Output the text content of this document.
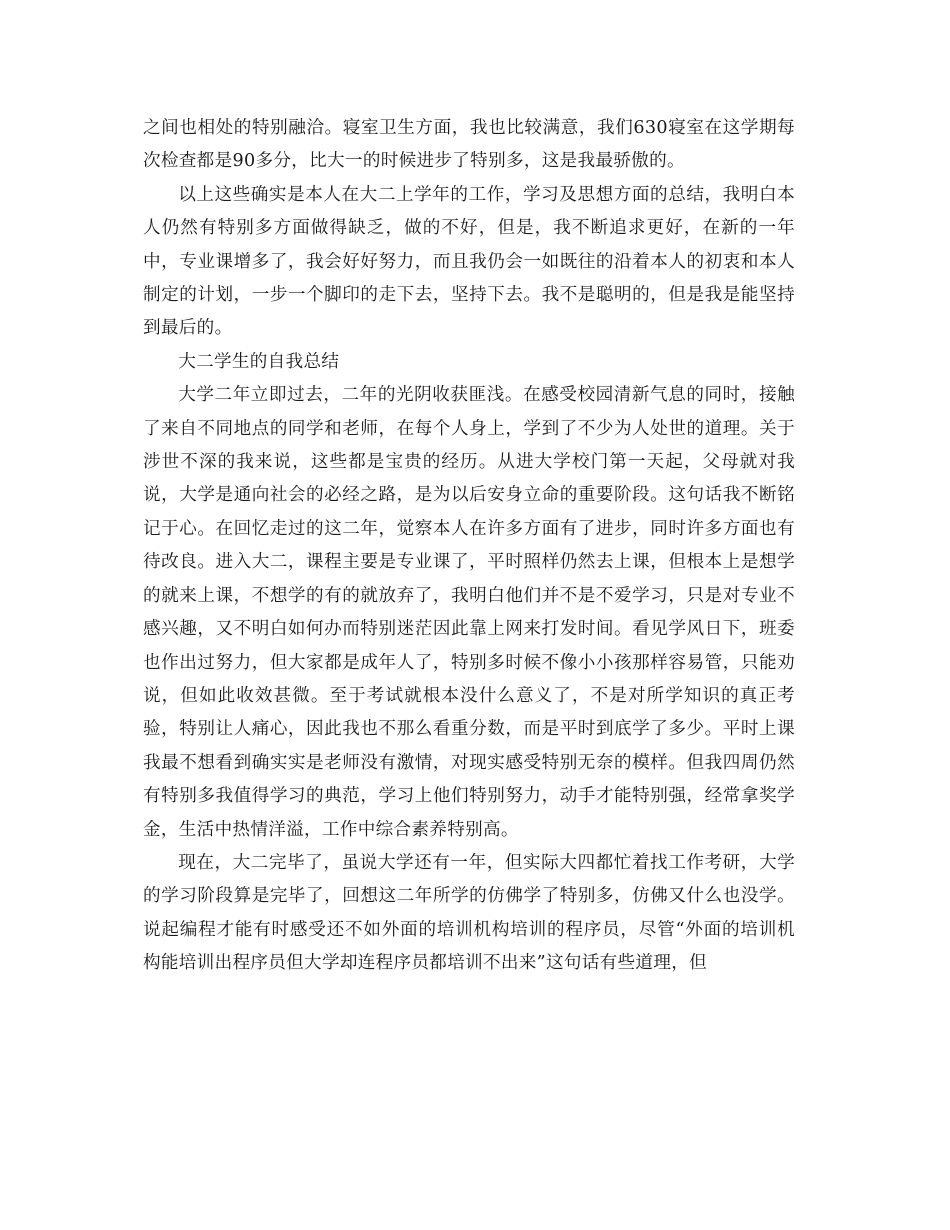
之间也相处的特别融洽。寝室卫生方面，我也比较满意，我们630寝室在这学期每次检查都是90多分，比大一的时候进步了特别多，这是我最骄傲的。

以上这些确实是本人在大二上学年的工作，学习及思想方面的总结，我明白本人仍然有特别多方面做得缺乏，做的不好，但是，我不断追求更好，在新的一年中，专业课增多了，我会好好努力，而且我仍会一如既往的沿着本人的初衷和本人制定的计划，一步一个脚印的走下去，坚持下去。我不是聪明的，但是我是能坚持到最后的。

大二学生的自我总结

大学二年立即过去，二年的光阴收获匪浅。在感受校园清新气息的同时，接触了来自不同地点的同学和老师，在每个人身上，学到了不少为人处世的道理。关于涉世不深的我来说，这些都是宝贵的经历。从进大学校门第一天起，父母就对我说，大学是通向社会的必经之路，是为以后安身立命的重要阶段。这句话我不断铭记于心。在回忆走过的这二年，觉察本人在许多方面有了进步，同时许多方面也有待改良。进入大二，课程主要是专业课了，平时照样仍然去上课，但根本上是想学的就来上课，不想学的有的就放弃了，我明白他们并不是不爱学习，只是对专业不感兴趣，又不明白如何办而特别迷茫因此靠上网来打发时间。看见学风日下，班委也作出过努力，但大家都是成年人了，特别多时候不像小小孩那样容易管，只能劝说，但如此收效甚微。至于考试就根本没什么意义了，不是对所学知识的真正考验，特别让人痛心，因此我也不那么看重分数，而是平时到底学了多少。平时上课我最不想看到确实实是老师没有激情，对现实感受特别无奈的模样。但我四周仍然有特别多我值得学习的典范，学习上他们特别努力，动手才能特别强，经常拿奖学金，生活中热情洋溢，工作中综合素养特别高。

现在，大二完毕了，虽说大学还有一年，但实际大四都忙着找工作考研，大学的学习阶段算是完毕了，回想这二年所学的仿佛学了特别多，仿佛又什么也没学。说起编程才能有时感受还不如外面的培训机构培训的程序员，尽管“外面的培训机构能培训出程序员但大学却连程序员都培训不出来”这句话有些道理，但
